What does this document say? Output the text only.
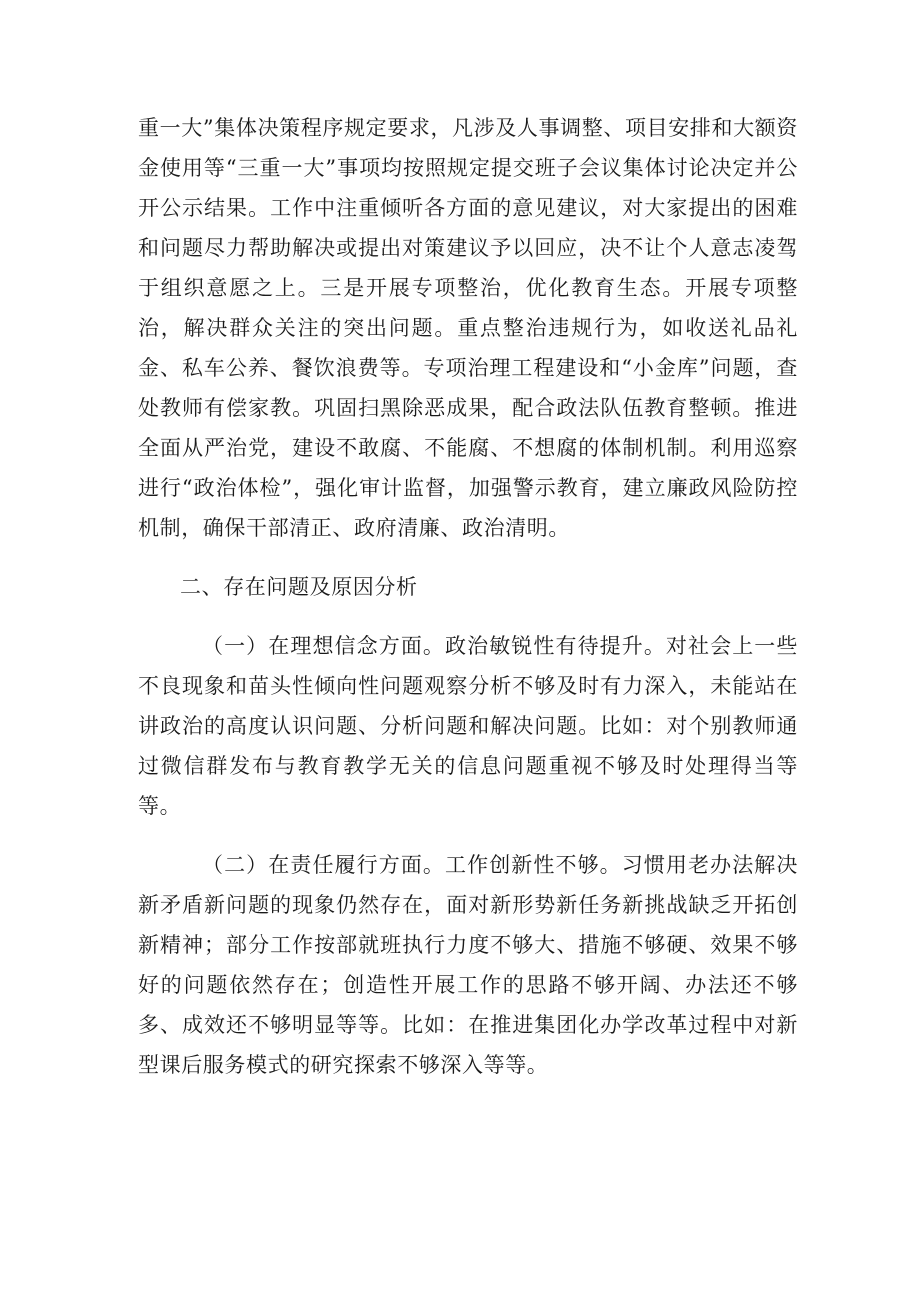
重一大”集体决策程序规定要求，凡涉及人事调整、项目安排和大额资金使用等“三重一大”事项均按照规定提交班子会议集体讨论决定并公开公示结果。工作中注重倾听各方面的意见建议，对大家提出的困难和问题尽力帮助解决或提出对策建议予以回应，决不让个人意志凌驾于组织意愿之上。三是开展专项整治，优化教育生态。开展专项整治，解决群众关注的突出问题。重点整治违规行为，如收送礼品礼金、私车公养、餐饮浪费等。专项治理工程建设和“小金库”问题，查处教师有偿家教。巩固扫黑除恶成果，配合政法队伍教育整顿。推进全面从严治党，建设不敢腐、不能腐、不想腐的体制机制。利用巡察进行“政治体检”，强化审计监督，加强警示教育，建立廉政风险防控机制，确保干部清正、政府清廉、政治清明。

二、存在问题及原因分析

（一）在理想信念方面。政治敏锐性有待提升。对社会上一些不良现象和苗头性倾向性问题观察分析不够及时有力深入，未能站在讲政治的高度认识问题、分析问题和解决问题。比如：对个别教师通过微信群发布与教育教学无关的信息问题重视不够及时处理得当等等。

（二）在责任履行方面。工作创新性不够。习惯用老办法解决新矛盾新问题的现象仍然存在，面对新形势新任务新挑战缺乏开拓创新精神；部分工作按部就班执行力度不够大、措施不够硬、效果不够好的问题依然存在；创造性开展工作的思路不够开阔、办法还不够多、成效还不够明显等等。比如：在推进集团化办学改革过程中对新型课后服务模式的研究探索不够深入等等。
